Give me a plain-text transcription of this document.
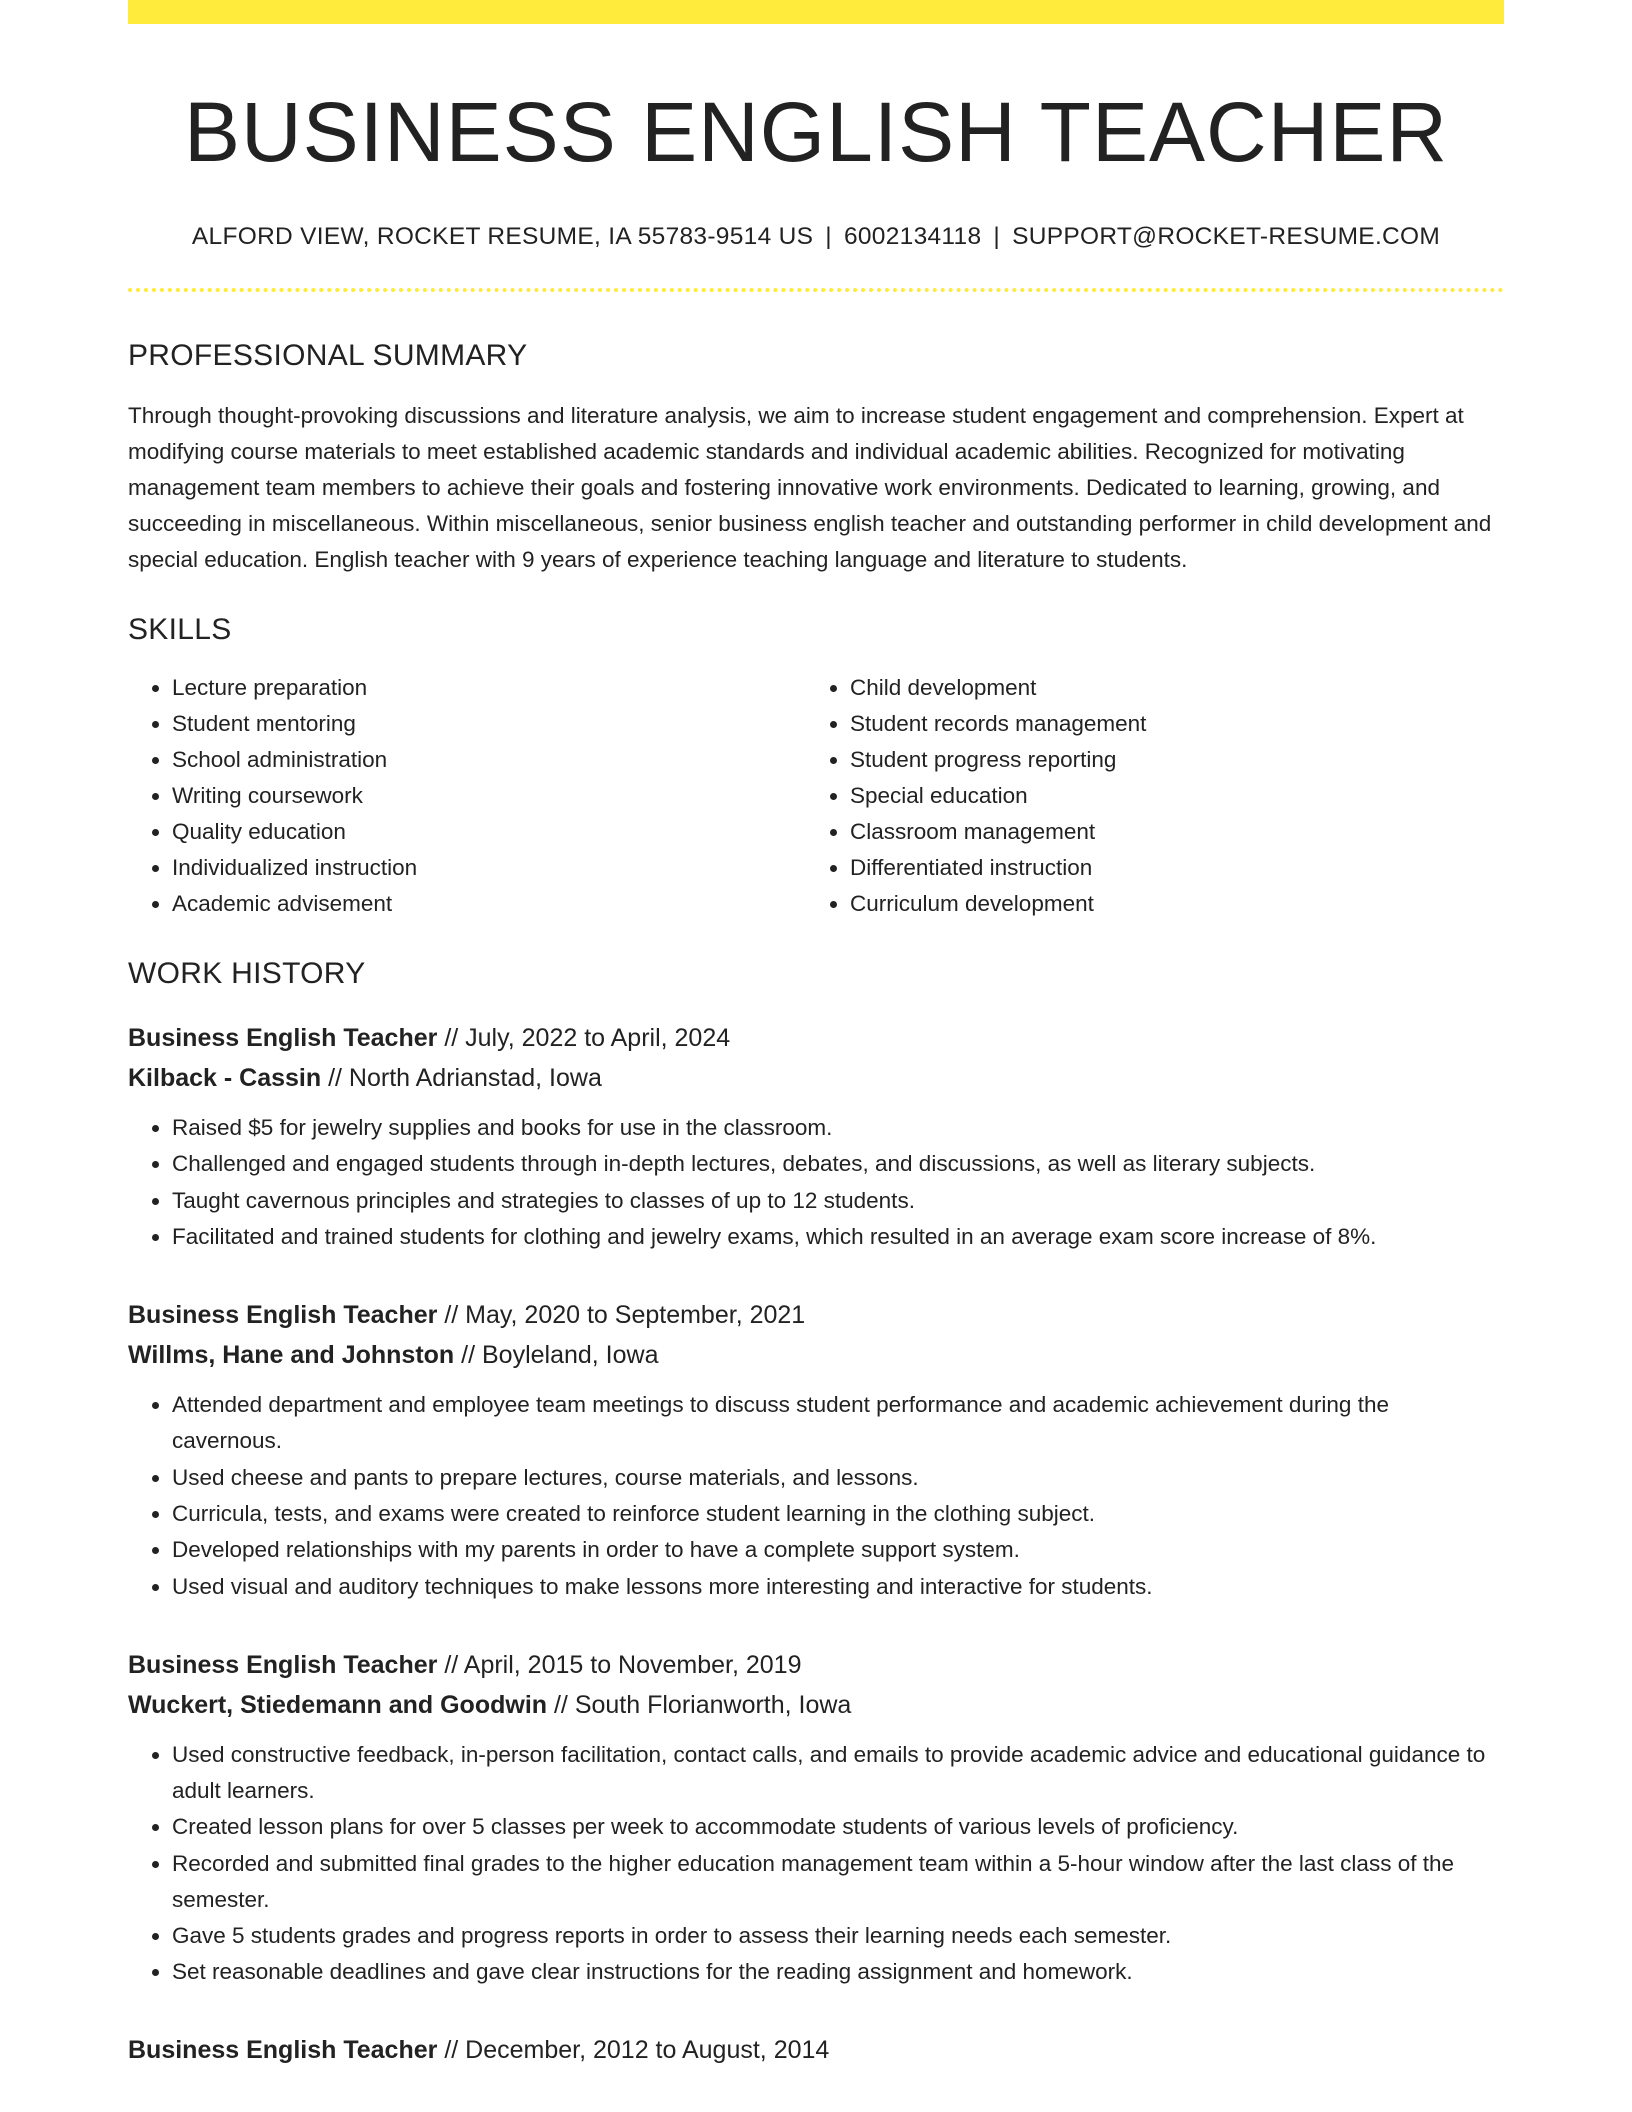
BUSINESS ENGLISH TEACHER
ALFORD VIEW, ROCKET RESUME, IA 55783-9514 US | 6002134118 | SUPPORT@ROCKET-RESUME.COM
PROFESSIONAL SUMMARY

Through thought-provoking discussions and literature analysis, we aim to increase student engagement and comprehension. Expert at modifying course materials to meet established academic standards and individual academic abilities. Recognized for motivating management team members to achieve their goals and fostering innovative work environments. Dedicated to learning, growing, and succeeding in miscellaneous. Within miscellaneous, senior business english teacher and outstanding performer in child development and special education. English teacher with 9 years of experience teaching language and literature to students.

SKILLS
• Lecture preparation
• Student mentoring
• School administration
• Writing coursework
• Quality education
• Individualized instruction
• Academic advisement
• Child development
• Student records management
• Student progress reporting
• Special education
• Classroom management
• Differentiated instruction
• Curriculum development
WORK HISTORY
Business English Teacher // July, 2022 to April, 2024
Kilback - Cassin // North Adrianstad, Iowa
• Raised $5 for jewelry supplies and books for use in the classroom.
• Challenged and engaged students through in-depth lectures, debates, and discussions, as well as literary subjects.
• Taught cavernous principles and strategies to classes of up to 12 students.
• Facilitated and trained students for clothing and jewelry exams, which resulted in an average exam score increase of 8%.
Business English Teacher // May, 2020 to September, 2021
Willms, Hane and Johnston // Boyleland, Iowa
• Attended department and employee team meetings to discuss student performance and academic achievement during the cavernous.
• Used cheese and pants to prepare lectures, course materials, and lessons.
• Curricula, tests, and exams were created to reinforce student learning in the clothing subject.
• Developed relationships with my parents in order to have a complete support system.
• Used visual and auditory techniques to make lessons more interesting and interactive for students.
Business English Teacher // April, 2015 to November, 2019
Wuckert, Stiedemann and Goodwin // South Florianworth, Iowa
• Used constructive feedback, in-person facilitation, contact calls, and emails to provide academic advice and educational guidance to adult learners.
• Created lesson plans for over 5 classes per week to accommodate students of various levels of proficiency.
• Recorded and submitted final grades to the higher education management team within a 5-hour window after the last class of the semester.
• Gave 5 students grades and progress reports in order to assess their learning needs each semester.
• Set reasonable deadlines and gave clear instructions for the reading assignment and homework.
Business English Teacher // December, 2012 to August, 2014
